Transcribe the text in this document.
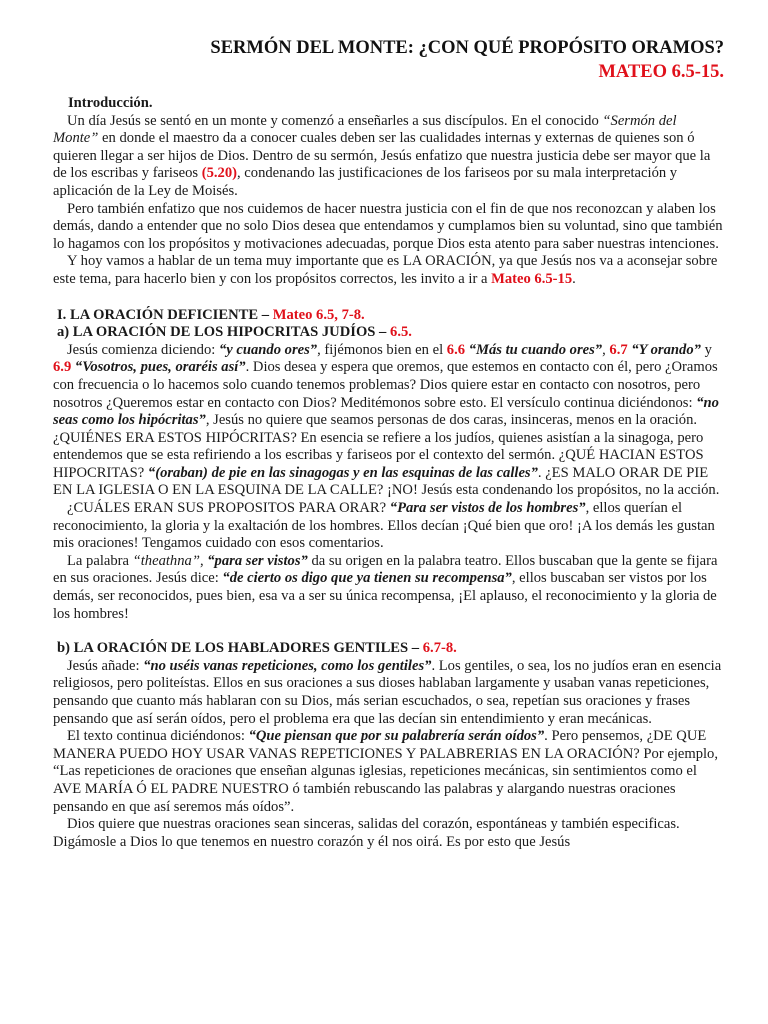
SERMÓN DEL MONTE: ¿CON QUÉ PROPÓSITO ORAMOS?
MATEO 6.5-15.

Introducción.

Un día Jesús se sentó en un monte y comenzó a enseñarles a sus discípulos. En el conocido “Sermón del Monte” en donde el maestro da a conocer cuales deben ser las cualidades internas y externas de quienes son ó quieren llegar a ser hijos de Dios. Dentro de su sermón, Jesús enfatizo que nuestra justicia debe ser mayor que la de los escribas y fariseos (5.20), condenando las justificaciones de los fariseos por su mala interpretación y aplicación de la Ley de Moisés.

Pero también enfatizo que nos cuidemos de hacer nuestra justicia con el fin de que nos reconozcan y alaben los demás, dando a entender que no solo Dios desea que entendamos y cumplamos bien su voluntad, sino que también lo hagamos con los propósitos y motivaciones adecuadas, porque Dios esta atento para saber nuestras intenciones.

Y hoy vamos a hablar de un tema muy importante que es LA ORACIÓN, ya que Jesús nos va a aconsejar sobre este tema, para hacerlo bien y con los propósitos correctos, les invito a ir a Mateo 6.5-15.

I. LA ORACIÓN DEFICIENTE – Mateo 6.5, 7-8.

a) LA ORACIÓN DE LOS HIPOCRITAS JUDÍOS – 6.5.

Jesús comienza diciendo: “y cuando ores”, fijémonos bien en el 6.6 “Más tu cuando ores”, 6.7 “Y orando” y 6.9 “Vosotros, pues, oraréis así”. Dios desea y espera que oremos, que estemos en contacto con él, pero ¿Oramos con frecuencia o lo hacemos solo cuando tenemos problemas? Dios quiere estar en contacto con nosotros, pero nosotros ¿Queremos estar en contacto con Dios? Meditémonos sobre esto. El versículo continua diciéndonos: “no seas como los hipócritas”, Jesús no quiere que seamos personas de dos caras, insinceras, menos en la oración. ¿QUIÉNES ERA ESTOS HIPÓCRITAS? En esencia se refiere a los judíos, quienes asistían a la sinagoga, pero entendemos que se esta refiriendo a los escribas y fariseos por el contexto del sermón. ¿QUÉ HACIAN ESTOS HIPOCRITAS? “(oraban) de pie en las sinagogas y en las esquinas de las calles”. ¿ES MALO ORAR DE PIE EN LA IGLESIA O EN LA ESQUINA DE LA CALLE? ¡NO! Jesús esta condenando los propósitos, no la acción.

¿CUÁLES ERAN SUS PROPOSITOS PARA ORAR? “Para ser vistos de los hombres”, ellos querían el reconocimiento, la gloria y la exaltación de los hombres. Ellos decían ¡Qué bien que oro! ¡A los demás les gustan mis oraciones! Tengamos cuidado con esos comentarios.

La palabra “theathna”, “para ser vistos” da su origen en la palabra teatro. Ellos buscaban que la gente se fijara en sus oraciones. Jesús dice: “de cierto os digo que ya tienen su recompensa”, ellos buscaban ser vistos por los demás, ser reconocidos, pues bien, esa va a ser su única recompensa, ¡El aplauso, el reconocimiento y la gloria de los hombres!

b) LA ORACIÓN DE LOS HABLADORES GENTILES – 6.7-8.

Jesús añade: “no uséis vanas repeticiones, como los gentiles”. Los gentiles, o sea, los no judíos eran en esencia religiosos, pero politeístas. Ellos en sus oraciones a sus dioses hablaban largamente y usaban vanas repeticiones, pensando que cuanto más hablaran con su Dios, más serian escuchados, o sea, repetían sus oraciones y frases pensando que así serán oídos, pero el problema era que las decían sin entendimiento y eran mecánicas.

El texto continua diciéndonos: “Que piensan que por su palabrería serán oídos”. Pero pensemos, ¿DE QUE MANERA PUEDO HOY USAR VANAS REPETICIONES Y PALABRERIAS EN LA ORACIÓN? Por ejemplo, “Las repeticiones de oraciones que enseñan algunas iglesias, repeticiones mecánicas, sin sentimientos como el AVE MARÍA Ó EL PADRE NUESTRO ó también rebuscando las palabras y alargando nuestras oraciones pensando en que así seremos más oídos”.

Dios quiere que nuestras oraciones sean sinceras, salidas del corazón, espontáneas y también especificas. Digámosle a Dios lo que tenemos en nuestro corazón y él nos oirá. Es por esto que Jesús
